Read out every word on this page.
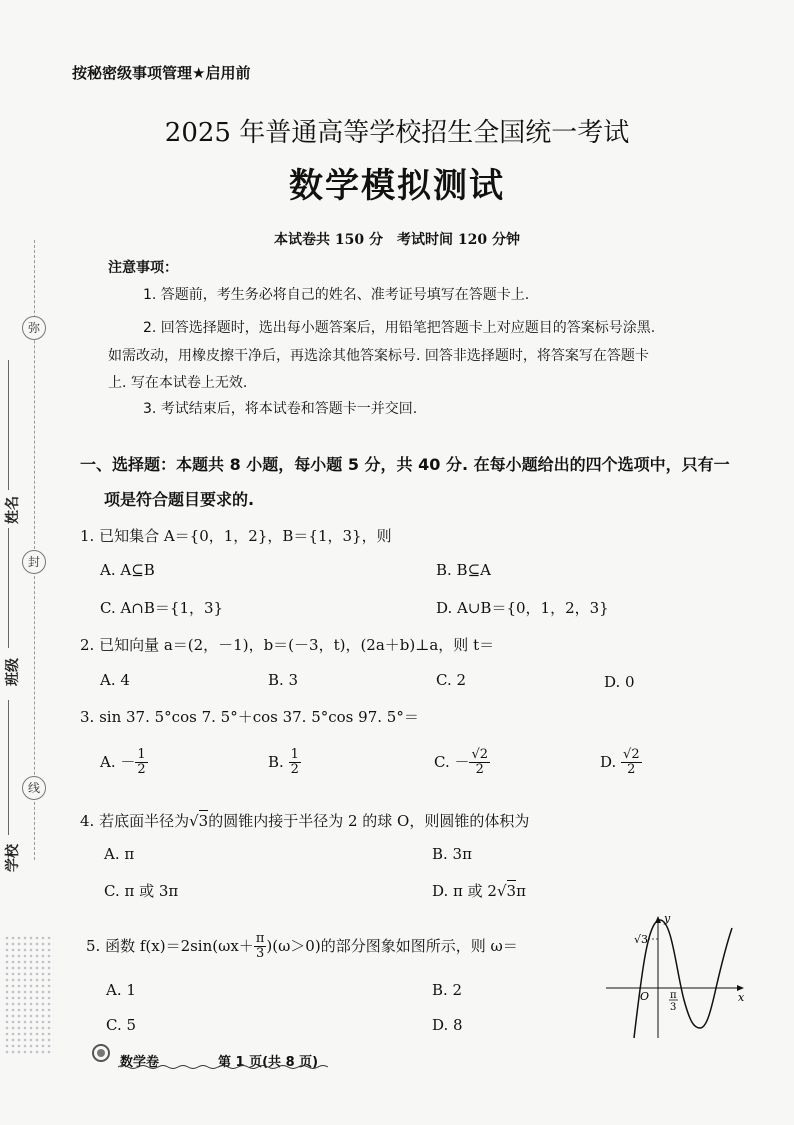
弥
封
线
姓名
班级
学校
按秘密级事项管理★启用前
2025 年普通高等学校招生全国统一考试
数学模拟测试
本试卷共 150 分　考试时间 120 分钟
注意事项：
1. 答题前，考生务必将自己的姓名、准考证号填写在答题卡上.
2. 回答选择题时，选出每小题答案后，用铅笔把答题卡上对应题目的答案标号涂黑.
如需改动，用橡皮擦干净后，再选涂其他答案标号. 回答非选择题时，将答案写在答题卡
上. 写在本试卷上无效.
3. 考试结束后，将本试卷和答题卡一并交回.
一、选择题：本题共 8 小题，每小题 5 分，共 40 分. 在每小题给出的四个选项中，只有一
项是符合题目要求的.
1. 已知集合 A＝{0，1，2}，B＝{1，3}，则
A. A⊆B	B. B⊆A
C. A∩B＝{1，3}	D. A∪B＝{0，1，2，3}
2. 已知向量 a＝(2，－1)，b＝(－3，t)，(2a＋b)⊥a，则 t＝
A. 4	B. 3	C. 2	D. 0
3. sin 37. 5°cos 7. 5°＋cos 37. 5°cos 97. 5°＝
A. － $\frac{1}{2}$	B. $\frac{1}{2}$	C. － $\frac{√2}{2}$	D. $\frac{√2}{2}$
4. 若底面半径为√3的圆锥内接于半径为 2 的球 O，则圆锥的体积为
A. π	B. 3π
C. π 或 3π	D. π 或 2√3π
5. 函数 $f(x)=2\sin(\omega x+ \frac{\pi}{3} )(\omega>0)$的部分图象如图所示，则 ω＝
A. 1	B. 2
C. 5	D. 8
y
x
O
√3
π
3
数学卷	第 1 页(共 8 页)
